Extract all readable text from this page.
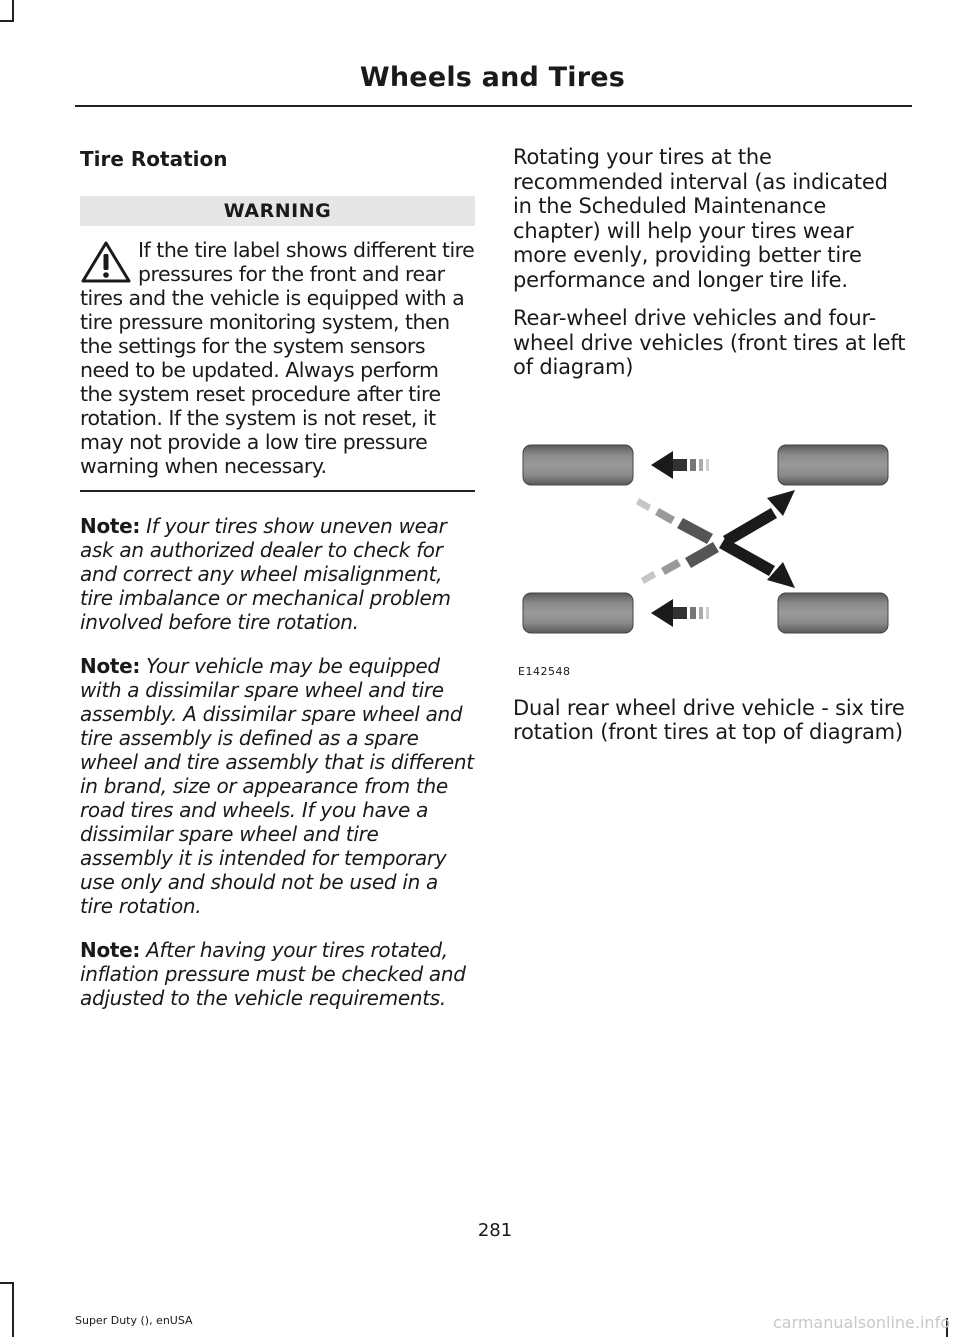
Wheels and Tires
Tire Rotation
WARNING
If the tire label shows different tire pressures for the front and rear tires and the vehicle is equipped with a tire pressure monitoring system, then the settings for the system sensors need to be updated. Always perform the system reset procedure after tire rotation. If the system is not reset, it may not provide a low tire pressure warning when necessary.

Note: If your tires show uneven wear ask an authorized dealer to check for and correct any wheel misalignment, tire imbalance or mechanical problem involved before tire rotation.

Note: Your vehicle may be equipped with a dissimilar spare wheel and tire assembly. A dissimilar spare wheel and tire assembly is defined as a spare wheel and tire assembly that is different in brand, size or appearance from the road tires and wheels. If you have a dissimilar spare wheel and tire assembly it is intended for temporary use only and should not be used in a tire rotation.

Note: After having your tires rotated, inflation pressure must be checked and adjusted to the vehicle requirements.

Rotating your tires at the recommended interval (as indicated in the Scheduled Maintenance chapter) will help your tires wear more evenly, providing better tire performance and longer tire life.

Rear-wheel drive vehicles and four-wheel drive vehicles (front tires at left of diagram)

E142548

Dual rear wheel drive vehicle - six tire rotation (front tires at top of diagram)

281
Super Duty (), enUSA	carmanualsonline.info
